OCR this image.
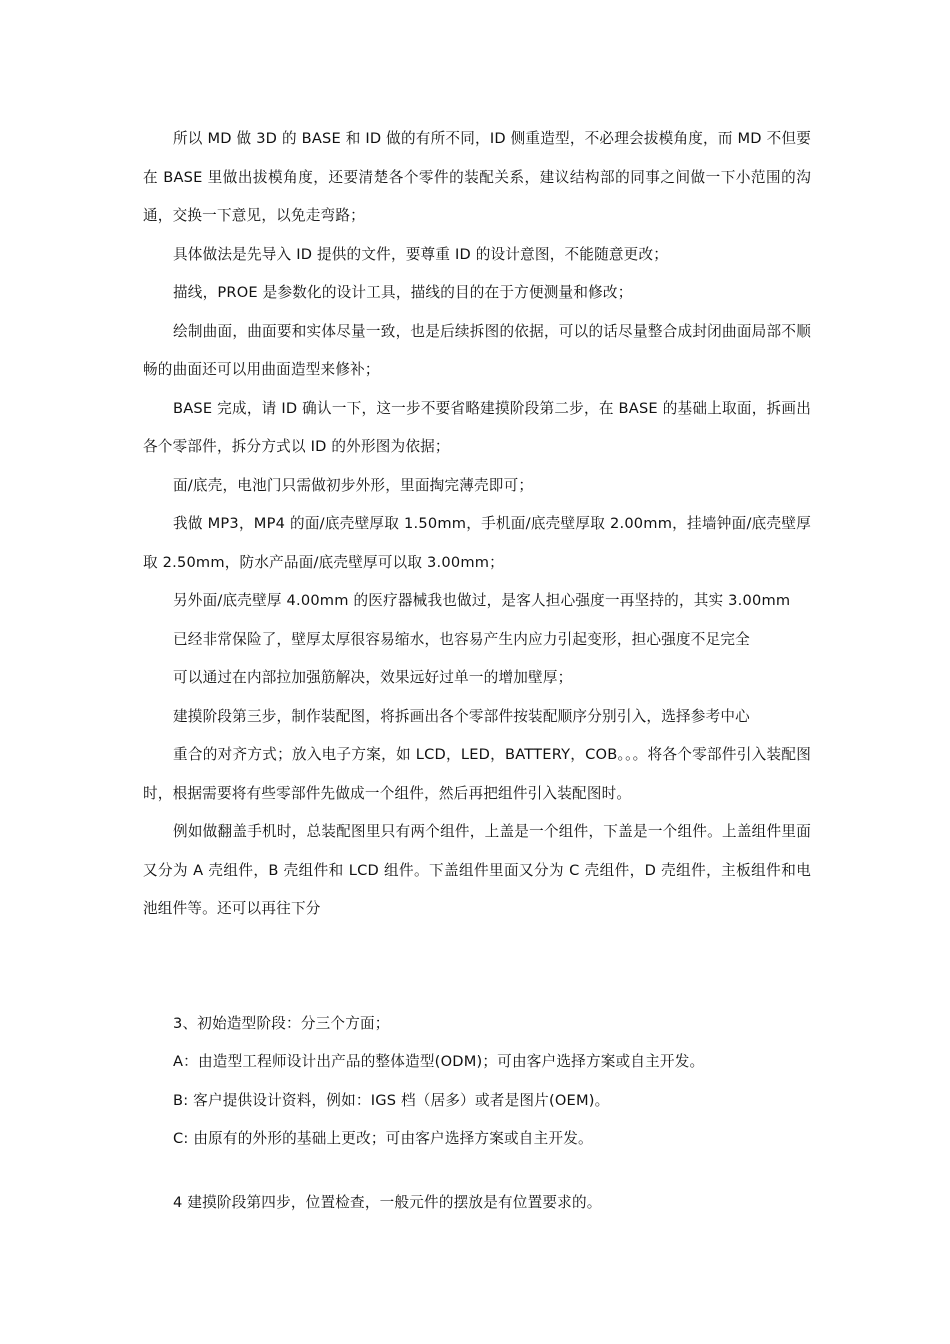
所以 MD 做 3D 的 BASE 和 ID 做的有所不同，ID 侧重造型，不必理会拔模角度，而 MD 不但要在 BASE 里做出拔模角度，还要清楚各个零件的装配关系，建议结构部的同事之间做一下小范围的沟通，交换一下意见，以免走弯路；

具体做法是先导入 ID 提供的文件，要尊重 ID 的设计意图，不能随意更改；

描线，PROE 是参数化的设计工具，描线的目的在于方便测量和修改；

绘制曲面，曲面要和实体尽量一致，也是后续拆图的依据，可以的话尽量整合成封闭曲面局部不顺畅的曲面还可以用曲面造型来修补；

BASE 完成，请 ID 确认一下，这一步不要省略建摸阶段第二步，在 BASE 的基础上取面，拆画出各个零部件，拆分方式以 ID 的外形图为依据；

面/底壳，电池门只需做初步外形，里面掏完薄壳即可；

我做 MP3，MP4 的面/底壳壁厚取 1.50mm，手机面/底壳壁厚取 2.00mm，挂墙钟面/底壳壁厚取 2.50mm，防水产品面/底壳壁厚可以取 3.00mm；

另外面/底壳壁厚 4.00mm 的医疗器械我也做过，是客人担心强度一再坚持的，其实 3.00mm

已经非常保险了，壁厚太厚很容易缩水，也容易产生内应力引起变形，担心强度不足完全

可以通过在内部拉加强筋解决，效果远好过单一的增加壁厚；

建摸阶段第三步，制作装配图，将拆画出各个零部件按装配顺序分别引入，选择参考中心

重合的对齐方式；放入电子方案，如 LCD，LED，BATTERY，COB。。。将各个零部件引入装配图时，根据需要将有些零部件先做成一个组件，然后再把组件引入装配图时。

例如做翻盖手机时，总装配图里只有两个组件，上盖是一个组件，下盖是一个组件。上盖组件里面又分为 A 壳组件，B 壳组件和 LCD 组件。下盖组件里面又分为 C 壳组件，D 壳组件，主板组件和电池组件等。还可以再往下分

3、初始造型阶段：分三个方面；

A：由造型工程师设计出产品的整体造型(ODM)；可由客户选择方案或自主开发。

B: 客户提供设计资料，例如：IGS 档（居多）或者是图片(OEM)。

C: 由原有的外形的基础上更改；可由客户选择方案或自主开发。

4 建摸阶段第四步，位置检查，一般元件的摆放是有位置要求的。
